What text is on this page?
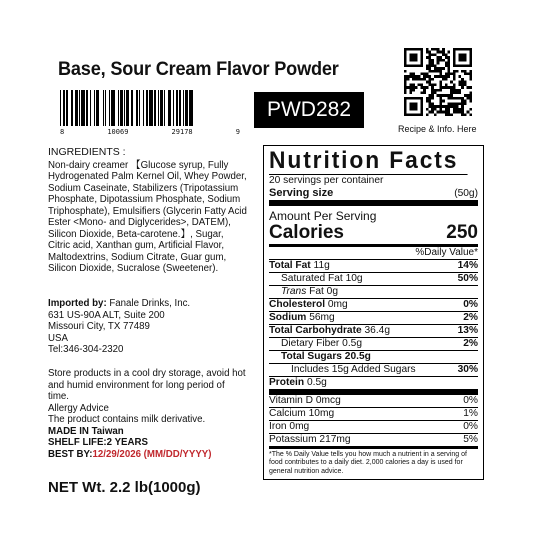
Base, Sour Cream Flavor Powder
8	10069	29178	9
PWD282
Recipe & Info. Here
INGREDIENTS :
Non-dairy creamer 【Glucose syrup, Fully Hydrogenated Palm Kernel Oil, Whey Powder, Sodium Caseinate, Stabilizers (Tripotassium Phosphate, Dipotassium Phosphate, Sodium Triphosphate), Emulsifiers (Glycerin Fatty Acid Ester <Mono- and Diglycerides>, DATEM), Silicon Dioxide, Beta-carotene.】, Sugar, Citric acid, Xanthan gum, Artificial Flavor, Maltodextrins, Sodium Citrate, Guar gum, Silicon Dioxide, Sucralose (Sweetener).
Imported by: Fanale Drinks, Inc.
631 US-90A ALT, Suite 200
Missouri City, TX 77489
USA
Tel:346-304-2320
Store products in a cool dry storage, avoid hot and humid environment for long period of time.
Allergy Advice
The product contains milk derivative.
MADE IN Taiwan
SHELF LIFE:2 YEARS
BEST BY:12/29/2026 (MM/DD/YYYY)
NET Wt. 2.2 lb(1000g)
Nutrition Facts
20 servings per container
Serving size	(50g)
Amount Per Serving
Calories	250
%Daily Value*
Total Fat 11g	14%
Saturated Fat 10g	50%
Trans Fat 0g
Cholesterol 0mg	0%
Sodium 56mg	2%
Total Carbohydrate 36.4g	13%
Dietary Fiber 0.5g	2%
Total Sugars 20.5g
Includes 15g Added Sugars	30%
Protein 0.5g
Vitamin D 0mcg	0%
Calcium 10mg	1%
Iron 0mg	0%
Potassium 217mg	5%
*The % Daily Value tells you how much a nutrient in a serving of food contributes to a daily diet. 2,000 calories a day is used for general nutrition advice.
